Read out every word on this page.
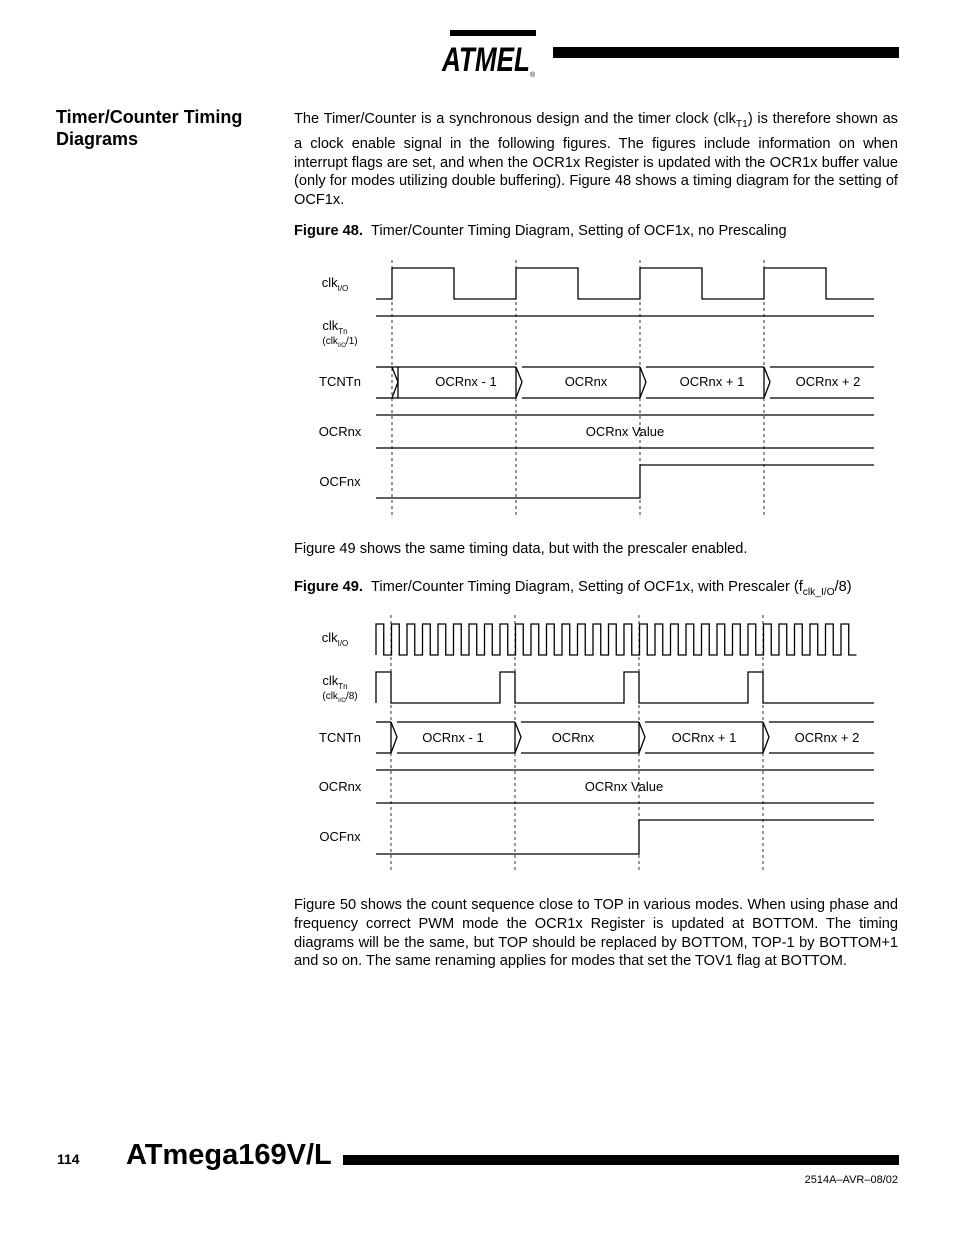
ATMEL ®
Timer/Counter Timing Diagrams

The Timer/Counter is a synchronous design and the timer clock (clk$_{T1}$) is therefore shown as a clock enable signal in the following figures. The figures include information on when interrupt flags are set, and when the OCR1x Register is updated with the OCR1x buffer value (only for modes utilizing double buffering). Figure 48 shows a timing diagram for the setting of OCF1x.

Figure 48. Timer/Counter Timing Diagram, Setting of OCF1x, no Prescaling
clk$_{I/O}$
clk$_{Tn}$
(clk$_{I/O}$/1)
TCNTn
OCRnx
OCFnx
OCRnx - 1	OCRnx	OCRnx + 1	OCRnx + 2
OCRnx Value

Figure 49 shows the same timing data, but with the prescaler enabled.

Figure 49. Timer/Counter Timing Diagram, Setting of OCF1x, with Prescaler $(f_{clk\_I/O}/8)$
clk$_{I/O}$
clk$_{Tn}$
(clk$_{I/O}$/8)
TCNTn
OCRnx
OCFnx
OCRnx - 1	OCRnx	OCRnx + 1	OCRnx + 2
OCRnx Value

Figure 50 shows the count sequence close to TOP in various modes. When using phase and frequency correct PWM mode the OCR1x Register is updated at BOTTOM. The timing diagrams will be the same, but TOP should be replaced by BOTTOM, TOP-1 by BOTTOM+1 and so on. The same renaming applies for modes that set the TOV1 flag at BOTTOM.

114 ATmega169V/L
2514A–AVR–08/02
